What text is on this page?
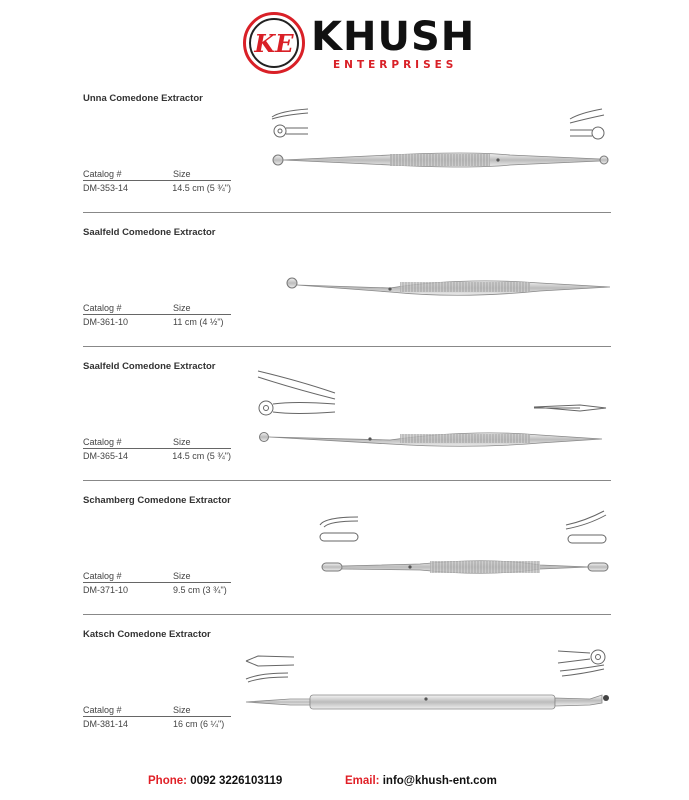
KE KHUSH
ENTERPRISES
Unna Comedone Extractor
Catalog #	Size
DM-353-14	14.5 cm (5 ¾")
Saalfeld Comedone Extractor
Catalog #	Size
DM-361-10	11 cm (4 ½")
Saalfeld Comedone Extractor
Catalog #	Size
DM-365-14	14.5 cm (5 ¾")
Schamberg Comedone Extractor
Catalog #	Size
DM-371-10	9.5 cm (3 ¾")
Katsch Comedone Extractor
Catalog #	Size
DM-381-14	16 cm (6 ¼")
Phone: 0092 3226103119	Email: info@khush-ent.com
